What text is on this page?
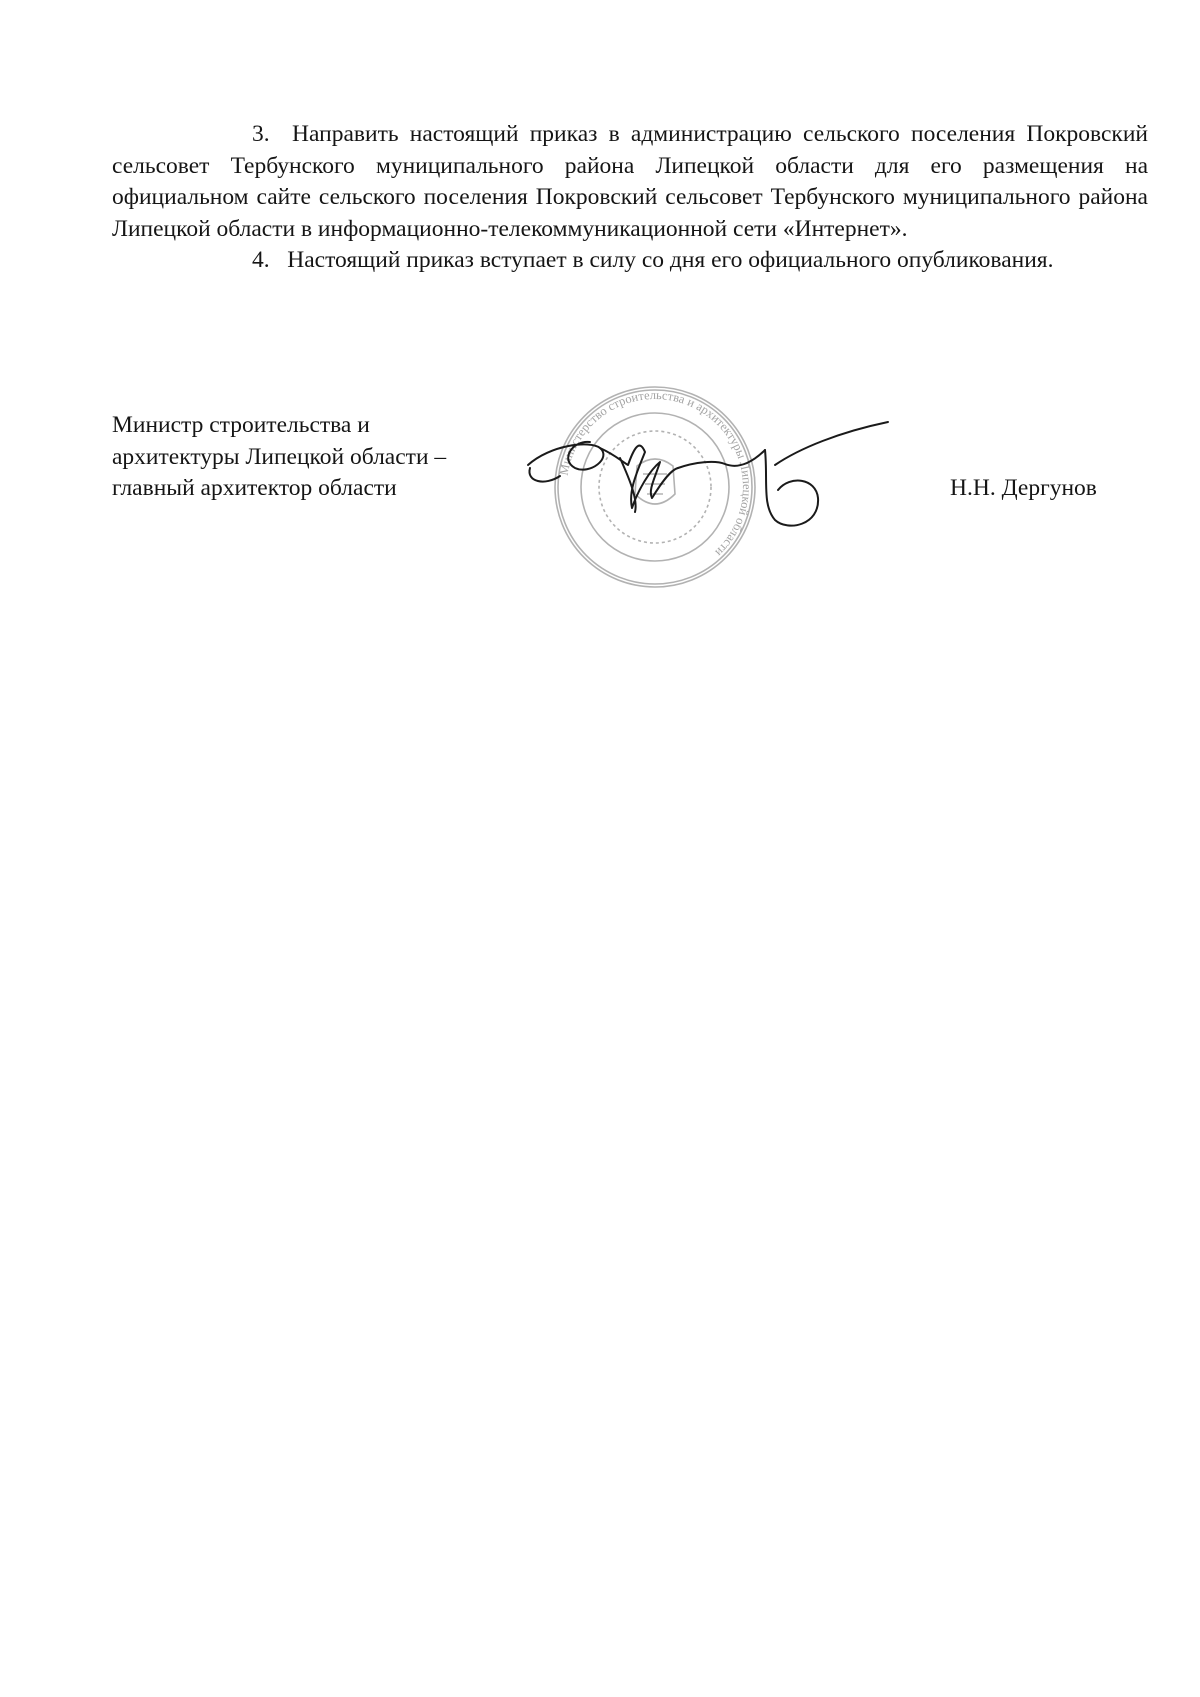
3. Направить настоящий приказ в администрацию сельского поселения Покровский сельсовет Тербунского муниципального района Липецкой области для его размещения на официальном сайте сельского поселения Покровский сельсовет Тербунского муниципального района Липецкой области в информационно-телекоммуникационной сети «Интернет».

4. Настоящий приказ вступает в силу со дня его официального опубликования.

Министерство строительства и архитектуры Липецкой области
Министр строительства и
архитектуры Липецкой области –
главный архитектор области	Н.Н. Дергунов
